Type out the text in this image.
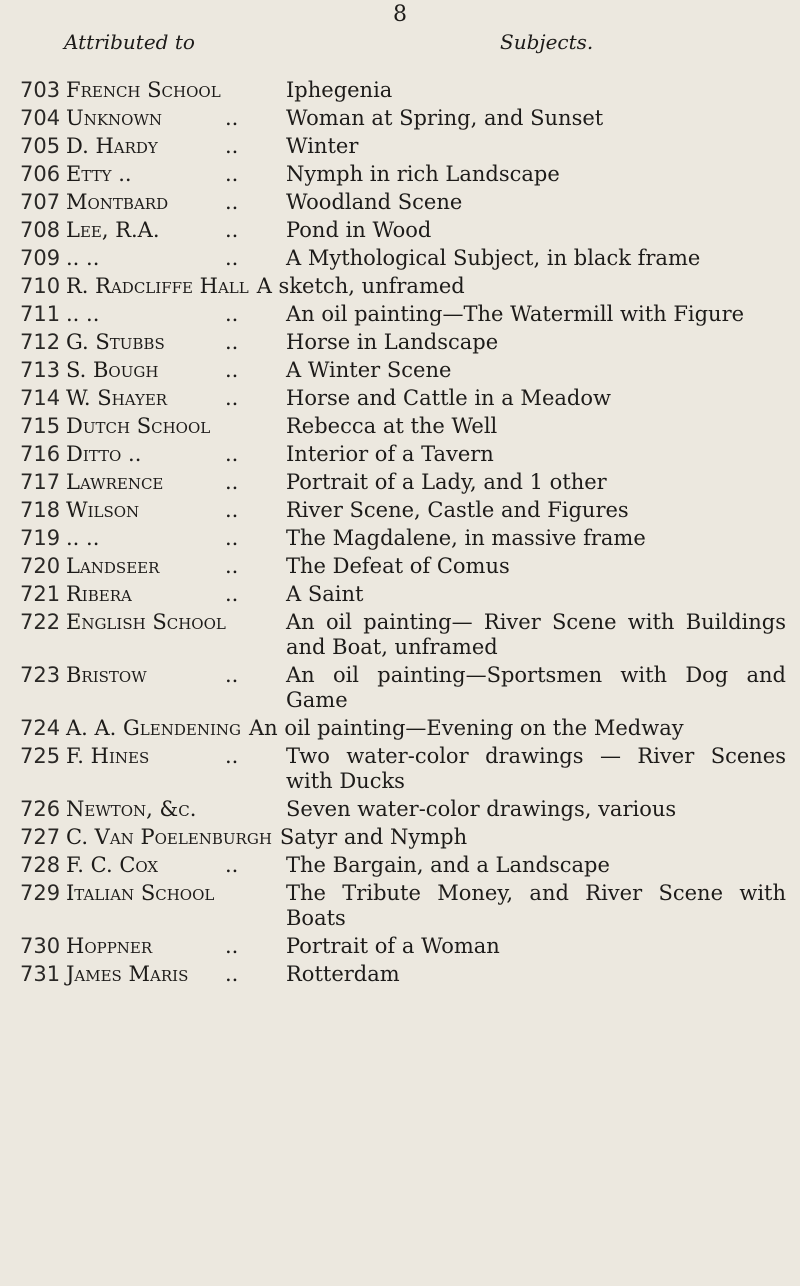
8
Attributed to	Subjects.
703 French School	Iphegenia
704 Unknown	..	Woman at Spring, and Sunset
705 D. Hardy	..	Winter
706 Etty ..	..	Nymph in rich Landscape
707 Montbard	..	Woodland Scene
708 Lee, R.A.	..	Pond in Wood
709 .. ..	..	A Mythological Subject, in black frame
710 R. Radcliffe Hall A sketch, unframed
711 .. ..	..	An oil painting—The Watermill with Figure
712 G. Stubbs	..	Horse in Landscape
713 S. Bough	..	A Winter Scene
714 W. Shayer	..	Horse and Cattle in a Meadow
715 Dutch School	Rebecca at the Well
716 Ditto ..	..	Interior of a Tavern
717 Lawrence	..	Portrait of a Lady, and 1 other
718 Wilson	..	River Scene, Castle and Figures
719 .. ..	..	The Magdalene, in massive frame
720 Landseer	..	The Defeat of Comus
721 Ribera	..	A Saint
722 English School	An oil painting— River Scene with Buildings and Boat, unframed
723 Bristow	..	An oil painting—Sportsmen with Dog and Game
724 A. A. Glendening An oil painting—Evening on the Medway
725 F. Hines	..	Two water-color drawings — River Scenes with Ducks
726 Newton, &c.	Seven water-color drawings, various
727 C. Van Poelenburgh Satyr and Nymph
728 F. C. Cox	..	The Bargain, and a Landscape
729 Italian School	The Tribute Money, and River Scene with Boats
730 Hoppner	..	Portrait of a Woman
731 James Maris	..	Rotterdam
